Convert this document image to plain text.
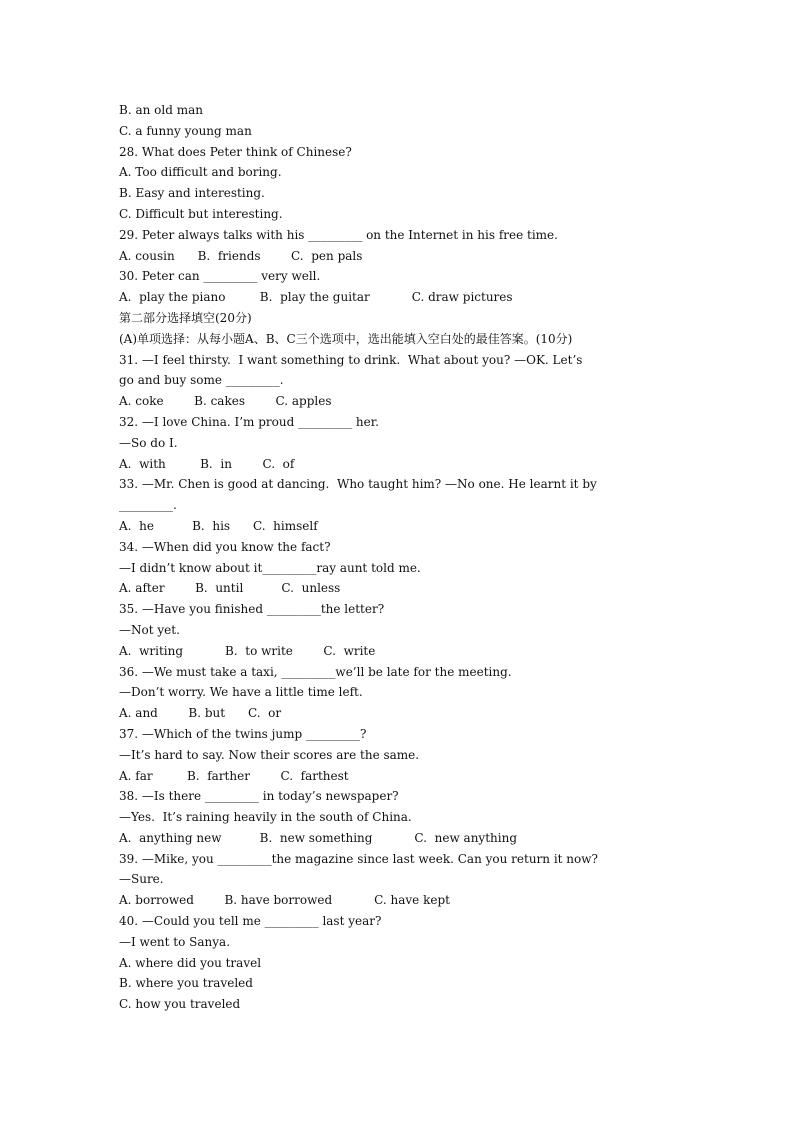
B. an old man
C. a funny young man
28. What does Peter think of Chinese?
A. Too difficult and boring.
B. Easy and interesting.
C. Difficult but interesting.
29. Peter always talks with his _________ on the Internet in his free time.
A. cousin      B.  friends        C.  pen pals
30. Peter can _________ very well.
A.  play the piano         B.  play the guitar           C. draw pictures
第二部分选择填空(20分)
(A)单项选择：从每小题A、B、C三个选项中，选出能填入空白处的最佳答案。(10分)
31. —I feel thirsty.  I want something to drink.  What about you? —OK. Let’s
go and buy some _________.
A. coke        B. cakes        C. apples
32. —I love China. I’m proud _________ her.
—So do I.
A.  with         B.  in        C.  of
33. —Mr. Chen is good at dancing.  Who taught him? —No one. He learnt it by
_________.
A.  he          B.  his      C.  himself
34. —When did you know the fact?
—I didn’t know about it_________ray aunt told me.
A. after        B.  until          C.  unless
35. —Have you finished _________the letter?
—Not yet.
A.  writing           B.  to write        C.  write
36. —We must take a taxi, _________we’ll be late for the meeting.
—Don’t worry. We have a little time left.
A. and        B. but      C.  or
37. —Which of the twins jump _________?
—It’s hard to say. Now their scores are the same.
A. far         B.  farther        C.  farthest
38. —Is there _________ in today’s newspaper?
—Yes.  It’s raining heavily in the south of China.
A.  anything new          B.  new something           C.  new anything
39. —Mike, you _________the magazine since last week. Can you return it now?
—Sure.
A. borrowed        B. have borrowed           C. have kept
40. —Could you tell me _________ last year?
—I went to Sanya.
A. where did you travel
B. where you traveled
C. how you traveled
